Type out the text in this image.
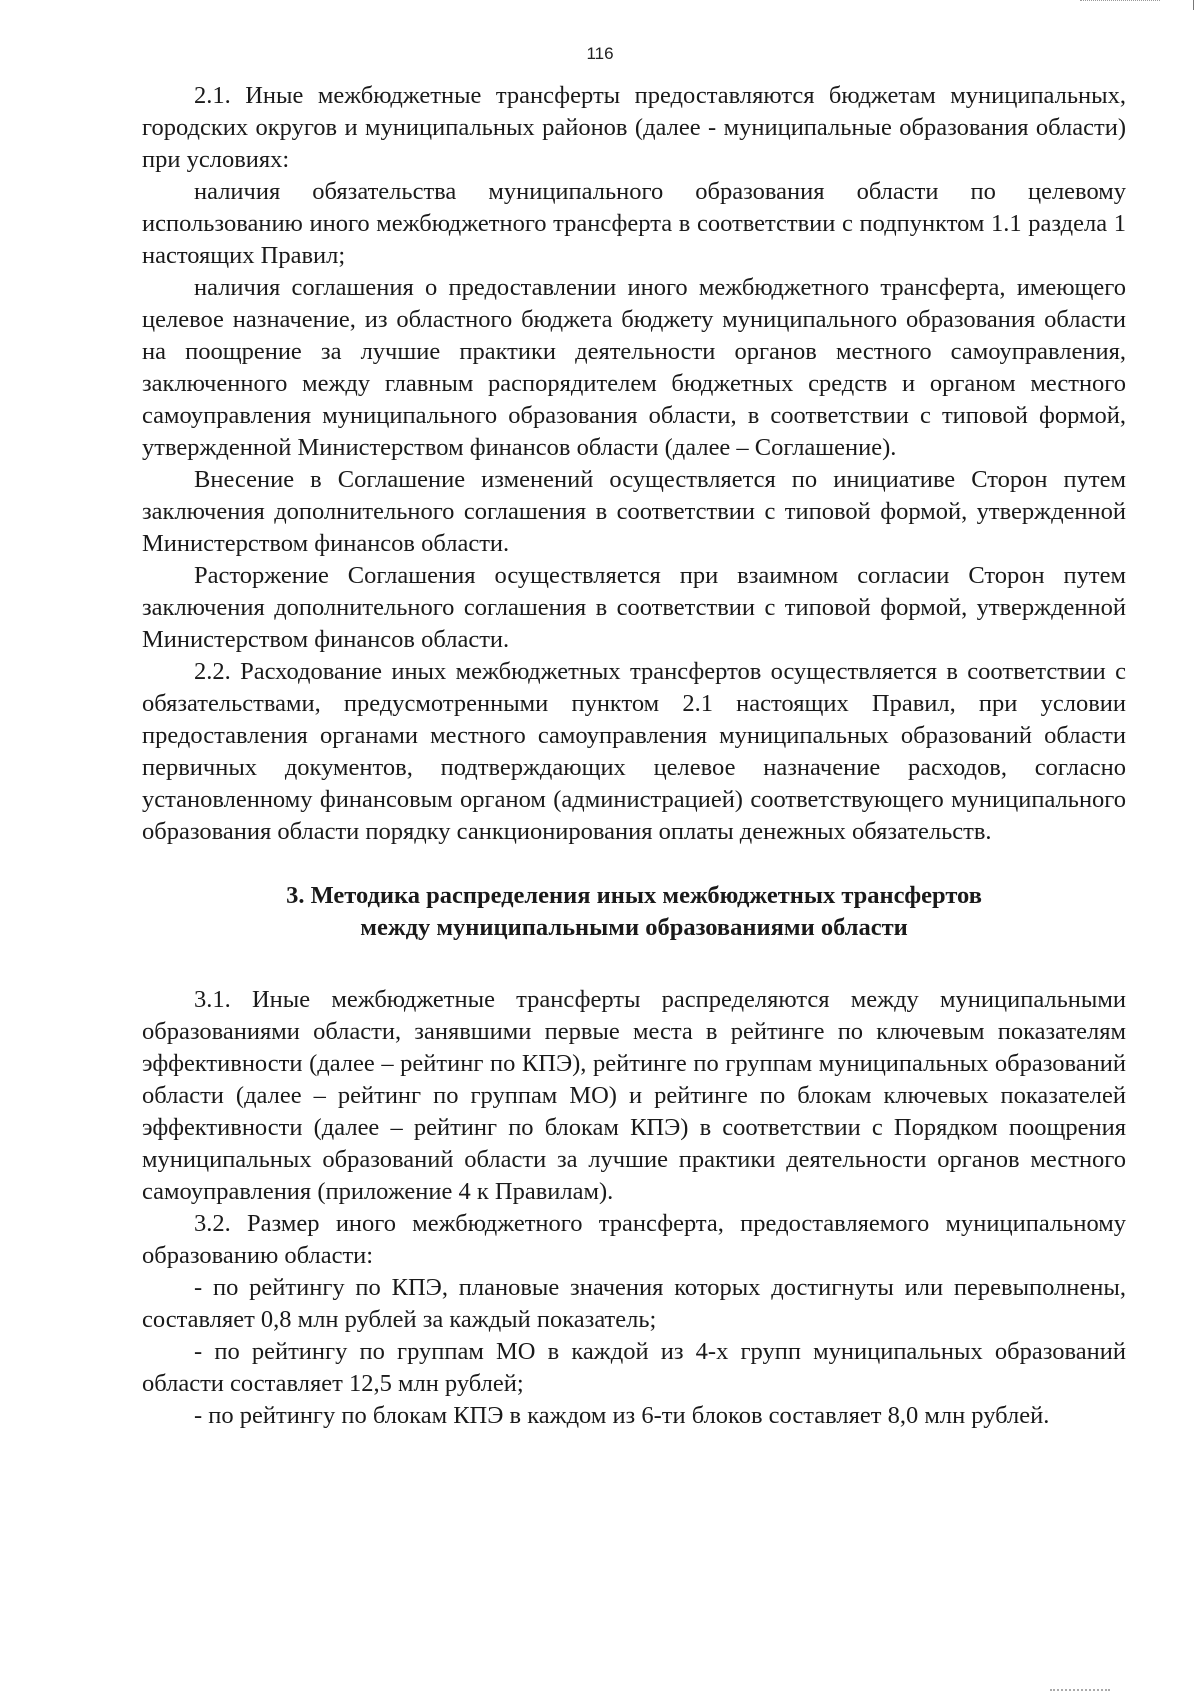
116

2.1. Иные межбюджетные трансферты предоставляются бюджетам муниципальных, городских округов и муниципальных районов (далее - муниципальные образования области) при условиях:

наличия обязательства муниципального образования области по целевому использованию иного межбюджетного трансферта в соответствии с подпунктом 1.1 раздела 1 настоящих Правил;

наличия соглашения о предоставлении иного межбюджетного трансферта, имеющего целевое назначение, из областного бюджета бюджету муниципального образования области на поощрение за лучшие практики деятельности органов местного самоуправления, заключенного между главным распорядителем бюджетных средств и органом местного самоуправления муниципального образования области, в соответствии с типовой формой, утвержденной Министерством финансов области (далее – Соглашение).

Внесение в Соглашение изменений осуществляется по инициативе Сторон путем заключения дополнительного соглашения в соответствии с типовой формой, утвержденной Министерством финансов области.

Расторжение Соглашения осуществляется при взаимном согласии Сторон путем заключения дополнительного соглашения в соответствии с типовой формой, утвержденной Министерством финансов области.

2.2. Расходование иных межбюджетных трансфертов осуществляется в соответствии с обязательствами, предусмотренными пунктом 2.1 настоящих Правил, при условии предоставления органами местного самоуправления муниципальных образований области первичных документов, подтверждающих целевое назначение расходов, согласно установленному финансовым органом (администрацией) соответствующего муниципального образования области порядку санкционирования оплаты денежных обязательств.

3. Методика распределения иных межбюджетных трансфертов
между муниципальными образованиями области

3.1. Иные межбюджетные трансферты распределяются между муниципальными образованиями области, занявшими первые места в рейтинге по ключевым показателям эффективности (далее – рейтинг по КПЭ), рейтинге по группам муниципальных образований области (далее – рейтинг по группам МО) и рейтинге по блокам ключевых показателей эффективности (далее – рейтинг по блокам КПЭ) в соответствии с Порядком поощрения муниципальных образований области за лучшие практики деятельности органов местного самоуправления (приложение 4 к Правилам).

3.2. Размер иного межбюджетного трансферта, предоставляемого муниципальному образованию области:

- по рейтингу по КПЭ, плановые значения которых достигнуты или перевыполнены, составляет 0,8 млн рублей за каждый показатель;

- по рейтингу по группам МО в каждой из 4-х групп муниципальных образований области составляет 12,5 млн рублей;

- по рейтингу по блокам КПЭ в каждом из 6-ти блоков составляет 8,0 млн рублей.
